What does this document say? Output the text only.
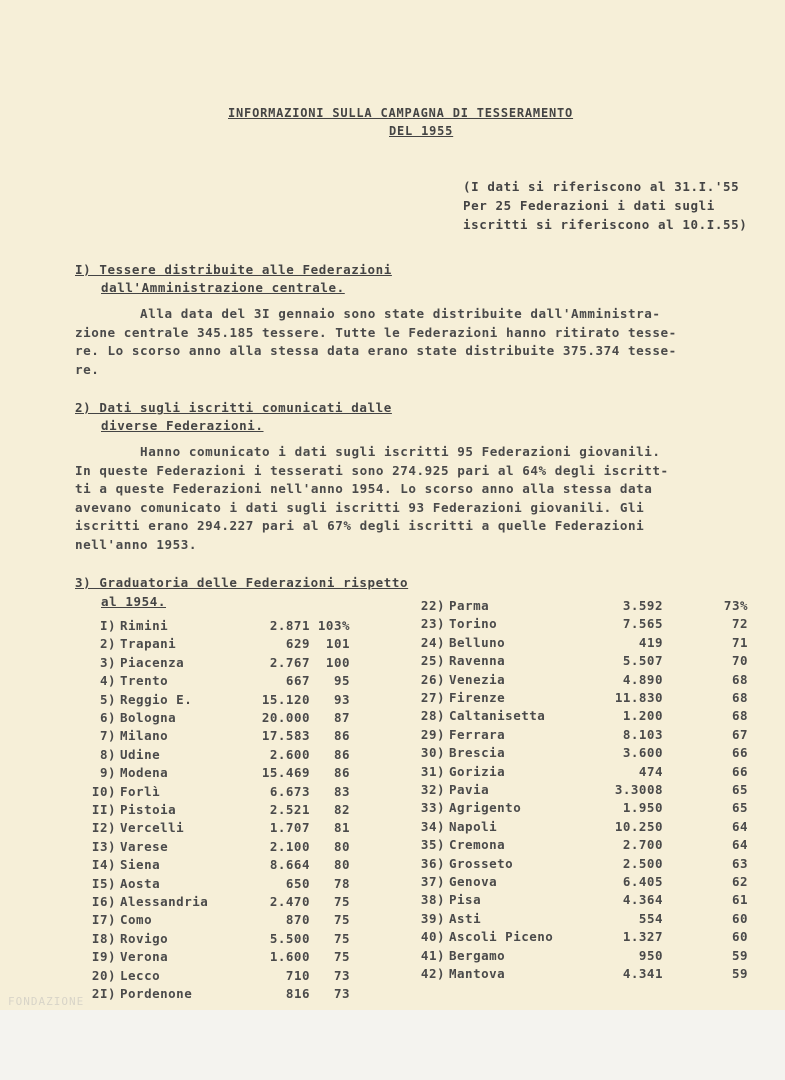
INFORMAZIONI SULLA CAMPAGNA DI TESSERAMENTO
DEL 1955
(I dati si riferiscono al 31.I.'55
Per 25 Federazioni i dati sugli
iscritti si riferiscono al 10.I.55)
I) Tessere distribuite alle Federazioni
dall'Amministrazione centrale.
Alla data del 3I gennaio sono state distribuite dall'Amministra-
zione centrale 345.185 tessere. Tutte le Federazioni hanno ritirato tesse-
re. Lo scorso anno alla stessa data erano state distribuite 375.374 tesse-
re.
2) Dati sugli iscritti comunicati dalle
diverse Federazioni.
Hanno comunicato i dati sugli iscritti 95 Federazioni giovanili.
In queste Federazioni i tesserati sono 274.925 pari al 64% degli iscritt-
ti a queste Federazioni nell'anno 1954. Lo scorso anno alla stessa data
avevano comunicato i dati sugli iscritti 93 Federazioni giovanili. Gli
iscritti erano 294.227 pari al 67% degli iscritti a quelle Federazioni
nell'anno 1953.
3) Graduatoria delle Federazioni rispetto
al 1954.
I) Rimini	2.871 103%
2) Trapani	629	101
3) Piacenza	2.767	100
4) Trento	667	95
5) Reggio E.	15.120	93
6) Bologna	20.000	87
7) Milano	17.583	86
8) Udine	2.600	86
9) Modena	15.469	86
I0) Forlì	6.673	83
II) Pistoia	2.521	82
I2) Vercelli	1.707	81
I3) Varese	2.100	80
I4) Siena	8.664	80
I5) Aosta	650	78
I6) Alessandria	2.470	75
I7) Como	870	75
I8) Rovigo	5.500	75
I9) Verona	1.600	75
20) Lecco	710	73
2I) Pordenone	816	73
22) Parma	3.592	73%
23) Torino	7.565	72
24) Belluno	419	71
25) Ravenna	5.507	70
26) Venezia	4.890	68
27) Firenze	11.830	68
28) Caltanisetta	1.200	68
29) Ferrara	8.103	67
30) Brescia	3.600	66
31) Gorizia	474	66
32) Pavia	3.3008	65
33) Agrigento	1.950	65
34) Napoli	10.250	64
35) Cremona	2.700	64
36) Grosseto	2.500	63
37) Genova	6.405	62
38) Pisa	4.364	61
39) Asti	554	60
40) Ascoli Piceno	1.327	60
41) Bergamo	950	59
42) Mantova	4.341	59
FONDAZIONE
